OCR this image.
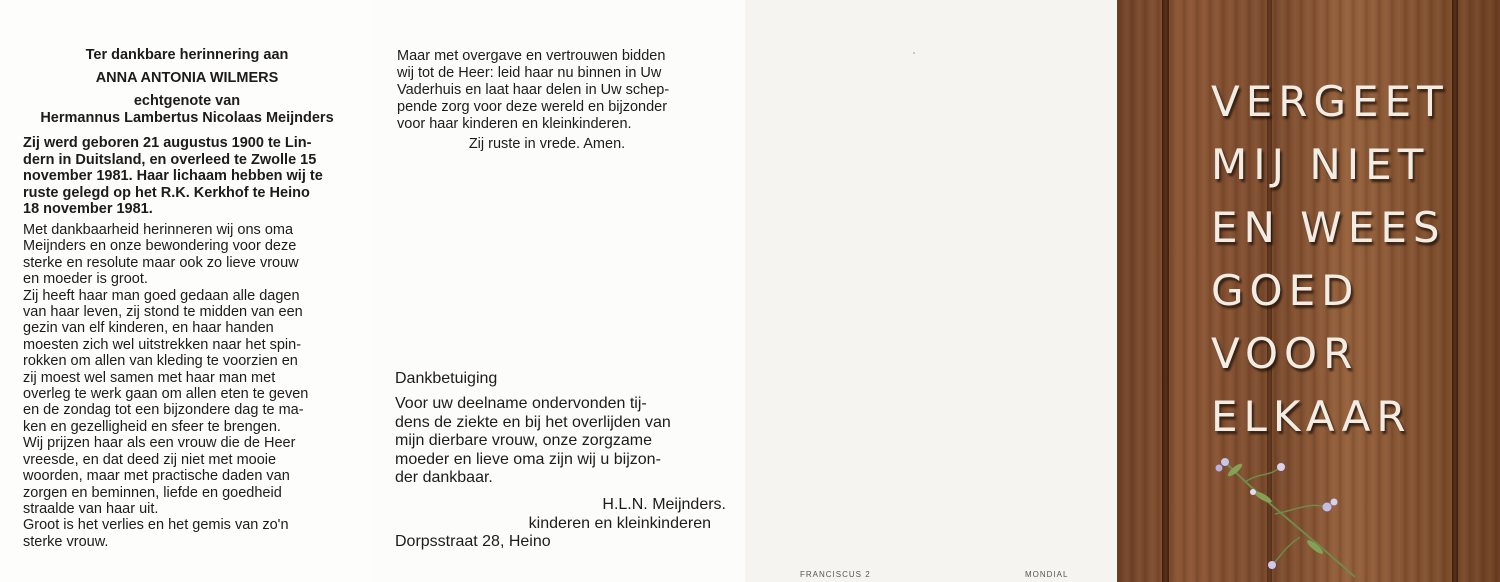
Ter dankbare herinnering aan
ANNA ANTONIA WILMERS
echtgenote van
Hermannus Lambertus Nicolaas Meijnders
Zij werd geboren 21 augustus 1900 te Lin-
dern in Duitsland, en overleed te Zwolle 15
november 1981. Haar lichaam hebben wij te
ruste gelegd op het R.K. Kerkhof te Heino
18 november 1981.
Met dankbaarheid herinneren wij ons oma
Meijnders en onze bewondering voor deze
sterke en resolute maar ook zo lieve vrouw
en moeder is groot.
Zij heeft haar man goed gedaan alle dagen
van haar leven, zij stond te midden van een
gezin van elf kinderen, en haar handen
moesten zich wel uitstrekken naar het spin-
rokken om allen van kleding te voorzien en
zij moest wel samen met haar man met
overleg te werk gaan om allen eten te geven
en de zondag tot een bijzondere dag te ma-
ken en gezelligheid en sfeer te brengen.
Wij prijzen haar als een vrouw die de Heer
vreesde, en dat deed zij niet met mooie
woorden, maar met practische daden van
zorgen en beminnen, liefde en goedheid
straalde van haar uit.
Groot is het verlies en het gemis van zo'n
sterke vrouw.
Maar met overgave en vertrouwen bidden
wij tot de Heer: leid haar nu binnen in Uw
Vaderhuis en laat haar delen in Uw schep-
pende zorg voor deze wereld en bijzonder
voor haar kinderen en kleinkinderen.
Zij ruste in vrede. Amen.
Dankbetuiging
Voor uw deelname ondervonden tij-
dens de ziekte en bij het overlijden van
mijn dierbare vrouw, onze zorgzame
moeder en lieve oma zijn wij u bijzon-
der dankbaar.
H.L.N. Meijnders.
kinderen en kleinkinderen
Dorpsstraat 28, Heino
FRANCISCUS 2	MONDIAL
VERGEET
MIJ NIET
EN WEES
GOED
VOOR
ELKAAR
